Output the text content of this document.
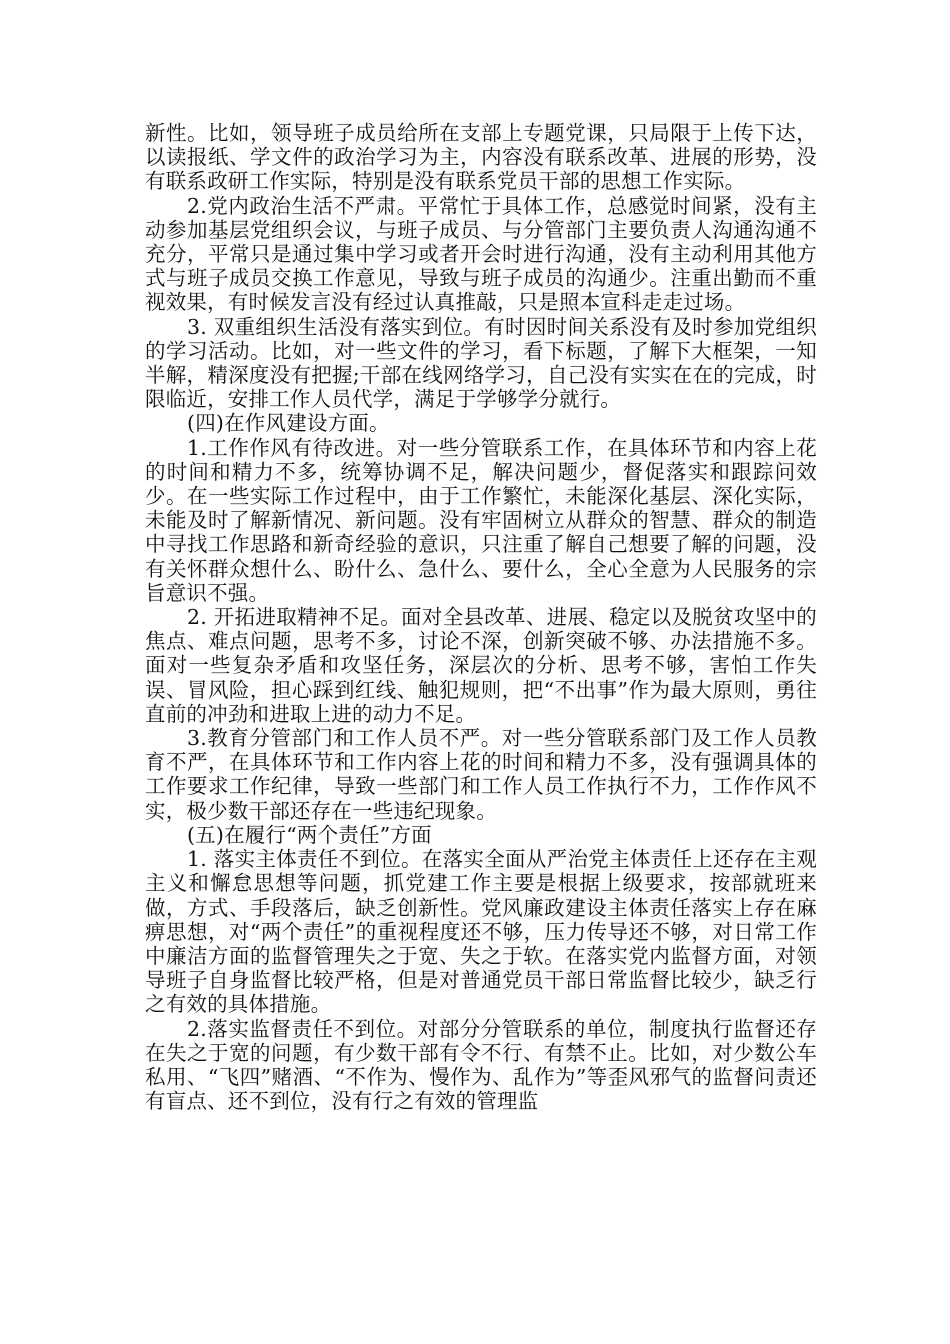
新性。比如，领导班子成员给所在支部上专题党课，只局限于上传下达，以读报纸、学文件的政治学习为主，内容没有联系改革、进展的形势，没有联系政研工作实际，特别是没有联系党员干部的思想工作实际。

2.党内政治生活不严肃。平常忙于具体工作，总感觉时间紧，没有主动参加基层党组织会议，与班子成员、与分管部门主要负责人沟通沟通不充分，平常只是通过集中学习或者开会时进行沟通，没有主动利用其他方式与班子成员交换工作意见，导致与班子成员的沟通少。注重出勤而不重视效果，有时候发言没有经过认真推敲，只是照本宣科走走过场。

3. 双重组织生活没有落实到位。有时因时间关系没有及时参加党组织的学习活动。比如，对一些文件的学习，看下标题，了解下大框架，一知半解，精深度没有把握;干部在线网络学习，自己没有实实在在的完成，时限临近，安排工作人员代学，满足于学够学分就行。

(四)在作风建设方面。

1.工作作风有待改进。对一些分管联系工作，在具体环节和内容上花的时间和精力不多，统筹协调不足，解决问题少，督促落实和跟踪问效少。在一些实际工作过程中，由于工作繁忙，未能深化基层、深化实际，未能及时了解新情况、新问题。没有牢固树立从群众的智慧、群众的制造中寻找工作思路和新奇经验的意识，只注重了解自己想要了解的问题，没有关怀群众想什么、盼什么、急什么、要什么，全心全意为人民服务的宗旨意识不强。

2. 开拓进取精神不足。面对全县改革、进展、稳定以及脱贫攻坚中的焦点、难点问题，思考不多，讨论不深，创新突破不够、办法措施不多。面对一些复杂矛盾和攻坚任务，深层次的分析、思考不够，害怕工作失误、冒风险，担心踩到红线、触犯规则，把“不出事”作为最大原则，勇往直前的冲劲和进取上进的动力不足。

3.教育分管部门和工作人员不严。对一些分管联系部门及工作人员教育不严，在具体环节和工作内容上花的时间和精力不多，没有强调具体的工作要求工作纪律，导致一些部门和工作人员工作执行不力，工作作风不实，极少数干部还存在一些违纪现象。

(五)在履行“两个责任”方面

1. 落实主体责任不到位。在落实全面从严治党主体责任上还存在主观主义和懈怠思想等问题，抓党建工作主要是根据上级要求，按部就班来做，方式、手段落后，缺乏创新性。党风廉政建设主体责任落实上存在麻痹思想，对“两个责任”的重视程度还不够，压力传导还不够，对日常工作中廉洁方面的监督管理失之于宽、失之于软。在落实党内监督方面，对领导班子自身监督比较严格，但是对普通党员干部日常监督比较少，缺乏行之有效的具体措施。

2.落实监督责任不到位。对部分分管联系的单位，制度执行监督还存在失之于宽的问题，有少数干部有令不行、有禁不止。比如，对少数公车私用、“飞四”赌酒、“不作为、慢作为、乱作为”等歪风邪气的监督问责还有盲点、还不到位，没有行之有效的管理监
